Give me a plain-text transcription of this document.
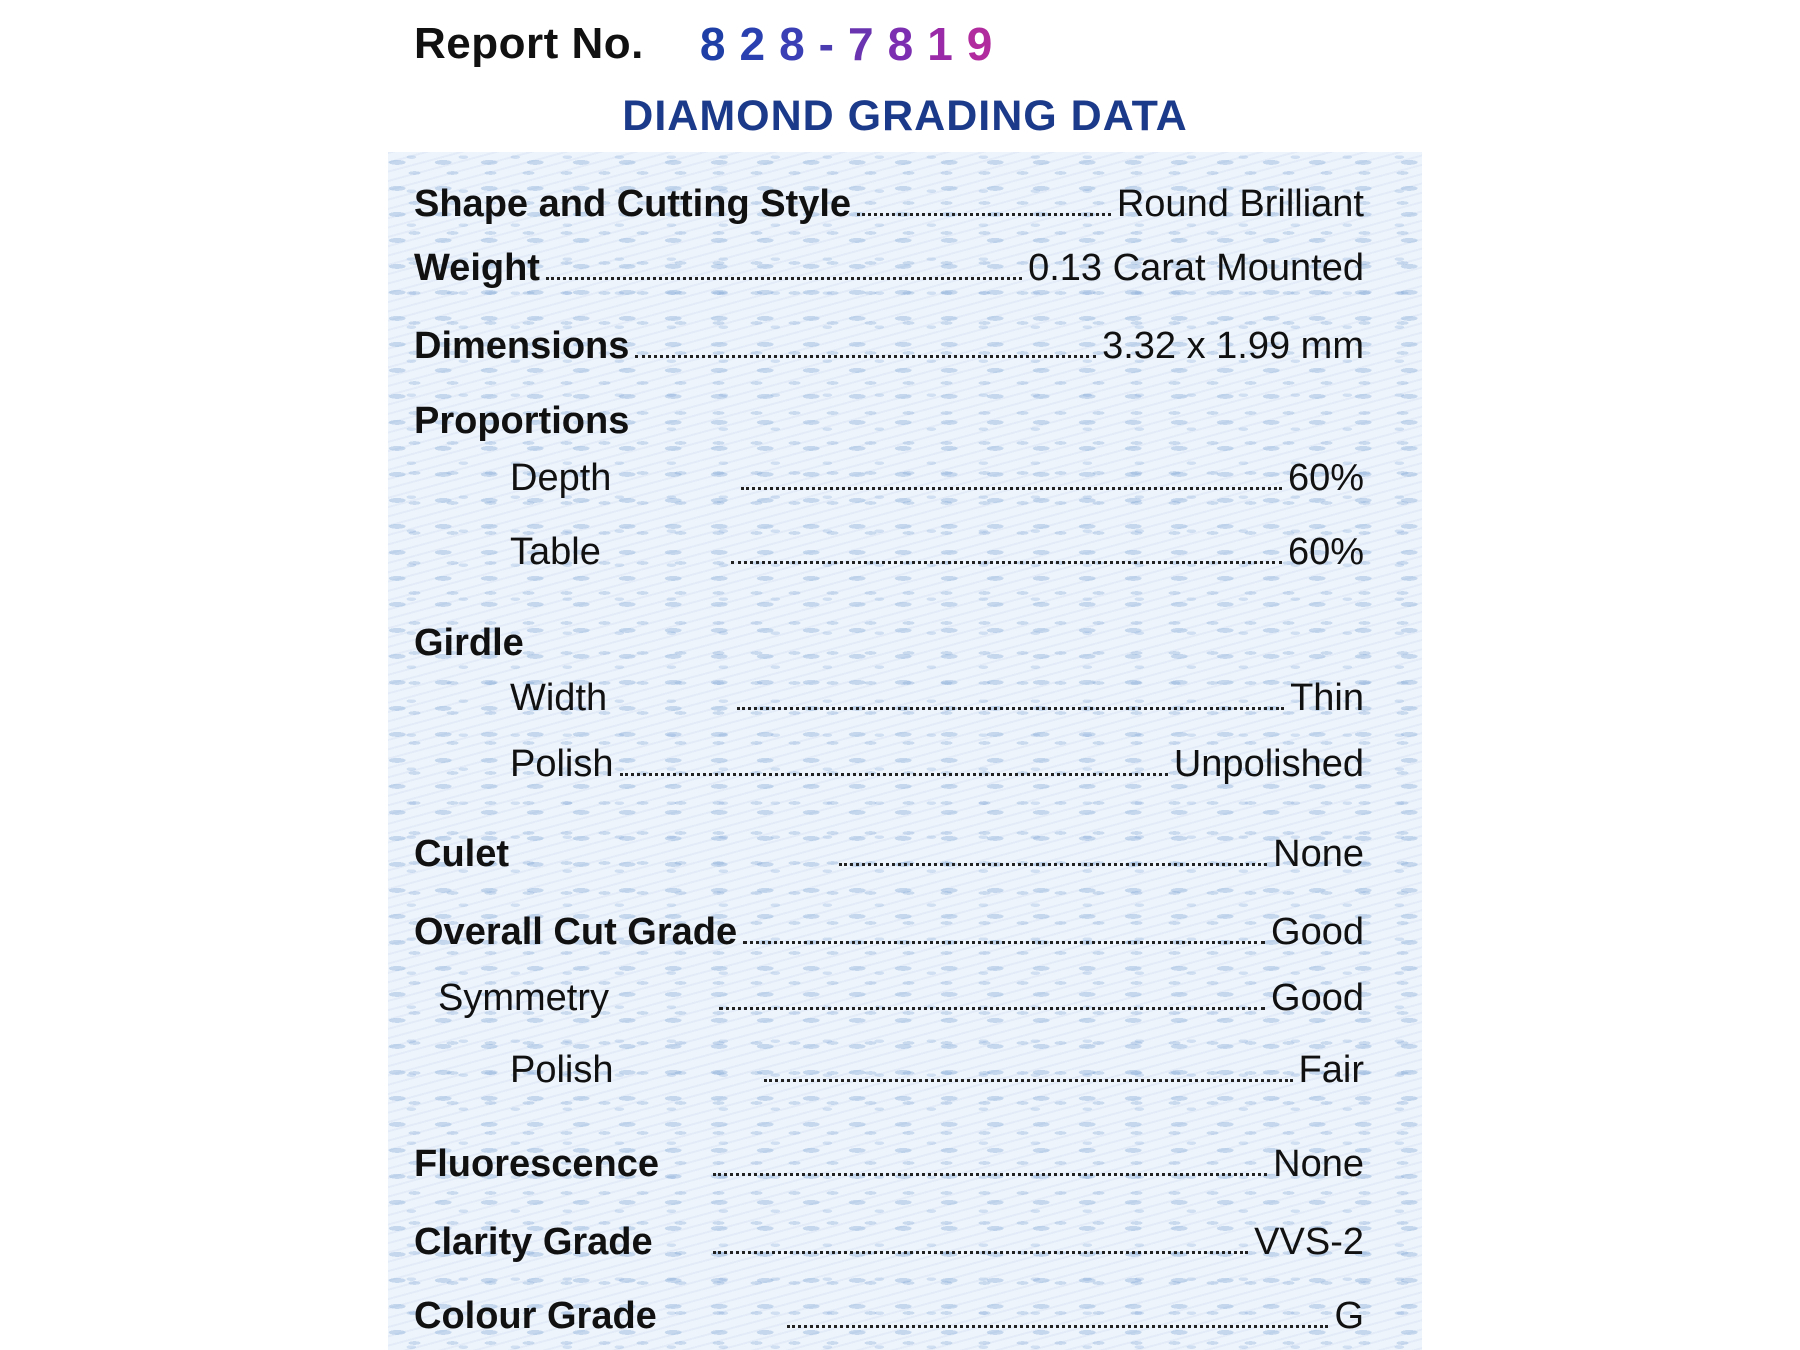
Report No. 8 2 8 - 7 8 1 9
DIAMOND GRADING DATA
Shape and Cutting Style	Round Brilliant
Weight	0.13 Carat Mounted
Dimensions	3.32 x 1.99 mm
Proportions
Depth	60%
Table	60%
Girdle
Width	Thin
Polish	Unpolished
Culet	None
Overall Cut Grade	Good
Symmetry	Good
Polish	Fair
Fluorescence	None
Clarity Grade	VVS-2
Colour Grade	G
